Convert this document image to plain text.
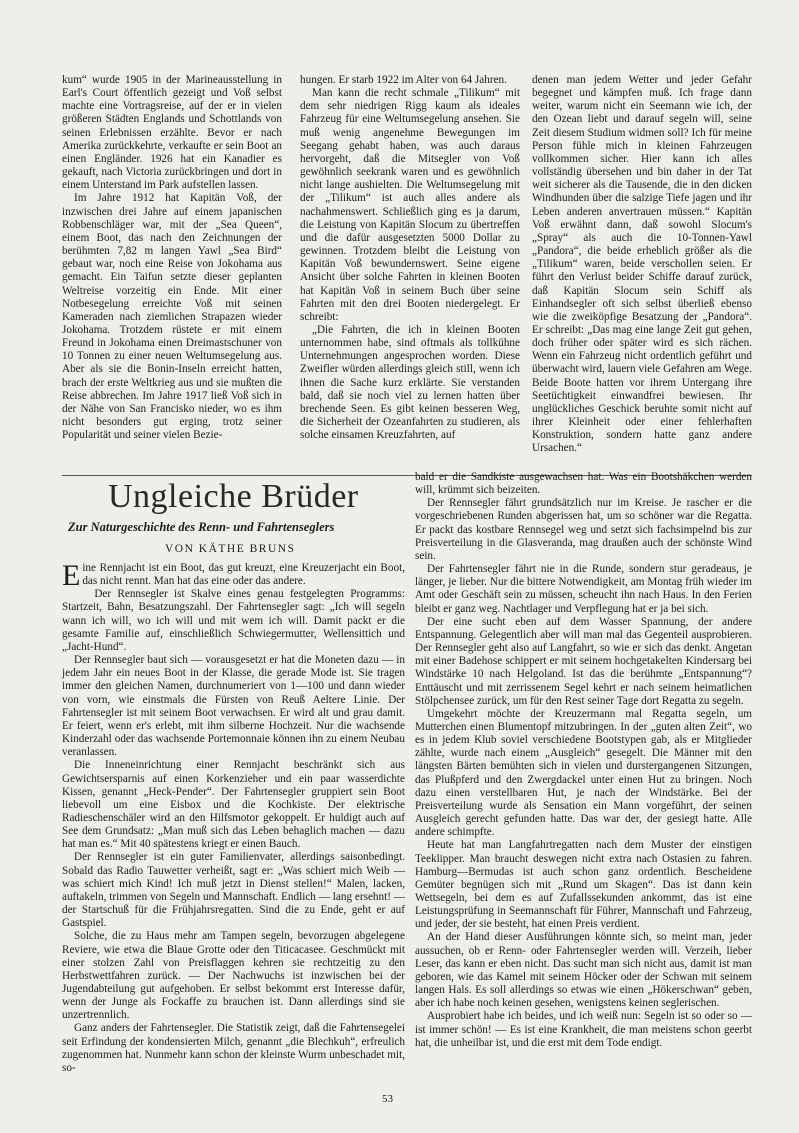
kum“ wurde 1905 in der Marineausstellung in Earl's Court öffentlich gezeigt und Voß selbst machte eine Vortragsreise, auf der er in vielen größeren Städten Englands und Schottlands von seinen Erlebnissen erzählte. Bevor er nach Amerika zurückkehrte, verkaufte er sein Boot an einen Engländer. 1926 hat ein Kanadier es gekauft, nach Victoria zurückbringen und dort in einem Unterstand im Park aufstellen lassen.

Im Jahre 1912 hat Kapitän Voß, der inzwischen drei Jahre auf einem japanischen Robbenschläger war, mit der „Sea Queen“, einem Boot, das nach den Zeichnungen der berühmten 7,82 m langen Yawl „Sea Bird“ gebaut war, noch eine Reise von Jokohama aus gemacht. Ein Taifun setzte dieser geplanten Weltreise vorzeitig ein Ende. Mit einer Notbesegelung erreichte Voß mit seinen Kameraden nach ziemlichen Strapazen wieder Jokohama. Trotzdem rüstete er mit einem Freund in Jokohama einen Dreimastschuner von 10 Tonnen zu einer neuen Weltumsegelung aus. Aber als sie die Bonin-Inseln erreicht hatten, brach der erste Weltkrieg aus und sie mußten die Reise abbrechen. Im Jahre 1917 ließ Voß sich in der Nähe von San Francisko nieder, wo es ihm nicht besonders gut erging, trotz seiner Popularität und seiner vielen Bezie-

hungen. Er starb 1922 im Alter von 64 Jahren.

Man kann die recht schmale „Tilikum“ mit dem sehr niedrigen Rigg kaum als ideales Fahrzeug für eine Weltumsegelung ansehen. Sie muß wenig angenehme Bewegungen im Seegang gehabt haben, was auch daraus hervorgeht, daß die Mitsegler von Voß gewöhnlich seekrank waren und es gewöhnlich nicht lange aushielten. Die Weltumsegelung mit der „Tilikum“ ist auch alles andere als nachahmenswert. Schließlich ging es ja darum, die Leistung von Kapitän Slocum zu übertreffen und die dafür ausgesetzten 5000 Dollar zu gewinnen. Trotzdem bleibt die Leistung von Kapitän Voß bewundernswert. Seine eigene Ansicht über solche Fahrten in kleinen Booten hat Kapitän Voß in seinem Buch über seine Fahrten mit den drei Booten niedergelegt. Er schreibt:

„Die Fahrten, die ich in kleinen Booten unternommen habe, sind oftmals als tollkühne Unternehmungen angesprochen worden. Diese Zweifler würden allerdings gleich still, wenn ich ihnen die Sache kurz erklärte. Sie verstanden bald, daß sie noch viel zu lernen hatten über brechende Seen. Es gibt keinen besseren Weg, die Sicherheit der Ozeanfahrten zu studieren, als solche einsamen Kreuzfahrten, auf

denen man jedem Wetter und jeder Gefahr begegnet und kämpfen muß. Ich frage dann weiter, warum nicht ein Seemann wie ich, der den Ozean liebt und darauf segeln will, seine Zeit diesem Studium widmen soll? Ich für meine Person fühle mich in kleinen Fahrzeugen vollkommen sicher. Hier kann ich alles vollständig übersehen und bin daher in der Tat weit sicherer als die Tausende, die in den dicken Windhunden über die salzige Tiefe jagen und ihr Leben anderen anvertrauen müssen.“ Kapitän Voß erwähnt dann, daß sowohl Slocum's „Spray“ als auch die 10-Tonnen-Yawl „Pandora“, die beide erheblich größer als die „Tilikum“ waren, beide verschollen seien. Er führt den Verlust beider Schiffe darauf zurück, daß Kapitän Slocum sein Schiff als Einhandsegler oft sich selbst überließ ebenso wie die zweiköpfige Besatzung der „Pandora“. Er schreibt: „Das mag eine lange Zeit gut gehen, doch früher oder später wird es sich rächen. Wenn ein Fahrzeug nicht ordentlich geführt und überwacht wird, lauern viele Gefahren am Wege. Beide Boote hatten vor ihrem Untergang ihre Seetüchtigkeit einwandfrei bewiesen. Ihr unglückliches Geschick beruhte somit nicht auf ihrer Kleinheit oder einer fehlerhaften Konstruktion, sondern hatte ganz andere Ursachen.“

Ungleiche Brüder
Zur Naturgeschichte des Renn- und Fahrtenseglers
VON KÄTHE BRUNS

Eine Rennjacht ist ein Boot, das gut kreuzt, eine Kreuzerjacht ein Boot, das nicht rennt. Man hat das eine oder das andere.

Der Rennsegler ist Skalve eines genau festgelegten Programms: Startzeit, Bahn, Besatzungszahl. Der Fahrtensegler sagt: „Ich will segeln wann ich will, wo ich will und mit wem ich will. Damit packt er die gesamte Familie auf, einschließlich Schwiegermutter, Wellensittich und „Jacht-Hund“.

Der Rennsegler baut sich — vorausgesetzt er hat die Moneten dazu — in jedem Jahr ein neues Boot in der Klasse, die gerade Mode ist. Sie tragen immer den gleichen Namen, durchnumeriert von 1—100 und dann wieder von vorn, wie einstmals die Fürsten von Reuß Aeltere Linie. Der Fahrtensegler ist mit seinem Boot verwachsen. Er wird alt und grau damit. Er feiert, wenn er's erlebt, mit ihm silberne Hochzeit. Nur die wachsende Kinderzahl oder das wachsende Portemonnaie können ihn zu einem Neubau veranlassen.

Die Inneneinrichtung einer Rennjacht beschränkt sich aus Gewichtsersparnis auf einen Korkenzieher und ein paar wasserdichte Kissen, genannt „Heck-Pender“. Der Fahrtensegler gruppiert sein Boot liebevoll um eine Eisbox und die Kochkiste. Der elektrische Radieschenschäler wird an den Hilfsmotor gekoppelt. Er huldigt auch auf See dem Grundsatz: „Man muß sich das Leben behaglich machen — dazu hat man es.“ Mit 40 spätestens kriegt er einen Bauch.

Der Rennsegler ist ein guter Familienvater, allerdings saisonbedingt. Sobald das Radio Tauwetter verheißt, sagt er: „Was schiert mich Weib — was schiert mich Kind! Ich muß jetzt in Dienst stellen!“ Malen, lacken, auftakeln, trimmen von Segeln und Mannschaft. Endlich — lang ersehnt! — der Startschuß für die Frühjahrsregatten. Sind die zu Ende, geht er auf Gastspiel.

Solche, die zu Haus mehr am Tampen segeln, bevorzugen abgelegene Reviere, wie etwa die Blaue Grotte oder den Titicacasee. Geschmückt mit einer stolzen Zahl von Preisflaggen kehren sie rechtzeitig zu den Herbstwettfahren zurück. — Der Nachwuchs ist inzwischen bei der Jugendabteilung gut aufgehoben. Er selbst bekommt erst Interesse dafür, wenn der Junge als Fockaffe zu brauchen ist. Dann allerdings sind sie unzertrennlich.

Ganz anders der Fahrtensegler. Die Statistik zeigt, daß die Fahrtensegelei seit Erfindung der kondensierten Milch, genannt „die Blechkuh“, erfreulich zugenommen hat. Nunmehr kann schon der kleinste Wurm unbeschadet mit, so-

bald er die Sandkiste ausgewachsen hat. Was ein Bootshäkchen werden will, krümmt sich beizeiten.

Der Rennsegler fährt grundsätzlich nur im Kreise. Je rascher er die vorgeschriebenen Runden abgerissen hat, um so schöner war die Regatta. Er packt das kostbare Rennsegel weg und setzt sich fachsimpelnd bis zur Preisverteilung in die Glasveranda, mag draußen auch der schönste Wind sein.

Der Fahrtensegler fährt nie in die Runde, sondern stur geradeaus, je länger, je lieber. Nur die bittere Notwendigkeit, am Montag früh wieder im Amt oder Geschäft sein zu müssen, scheucht ihn nach Haus. In den Ferien bleibt er ganz weg. Nachtlager und Verpflegung hat er ja bei sich.

Der eine sucht eben auf dem Wasser Spannung, der andere Entspannung. Gelegentlich aber will man mal das Gegenteil ausprobieren. Der Rennsegler geht also auf Langfahrt, so wie er sich das denkt. Angetan mit einer Badehose schippert er mit seinem hochgetakelten Kindersarg bei Windstärke 10 nach Helgoland. Ist das die berühmte „Entspannung“? Enttäuscht und mit zerrissenem Segel kehrt er nach seinem heimatlichen Stölpchensee zurück, um für den Rest seiner Tage dort Regatta zu segeln.

Umgekehrt möchte der Kreuzermann mal Regatta segeln, um Mutterchen einen Blumentopf mitzubringen. In der „guten alten Zeit“, wo es in jedem Klub soviel verschiedene Bootstypen gab, als er Mitglieder zählte, wurde nach einem „Ausgleich“ gesegelt. Die Männer mit den längsten Bärten bemühten sich in vielen und durstergangenen Sitzungen, das Plußpferd und den Zwergdackel unter einen Hut zu bringen. Noch dazu einen verstellbaren Hut, je nach der Windstärke. Bei der Preisverteilung wurde als Sensation ein Mann vorgeführt, der seinen Ausgleich gerecht gefunden hatte. Das war der, der gesiegt hatte. Alle andere schimpfte.

Heute hat man Langfahrtregatten nach dem Muster der einstigen Teeklipper. Man braucht deswegen nicht extra nach Ostasien zu fahren. Hamburg—Bermudas ist auch schon ganz ordentlich. Bescheidene Gemüter begnügen sich mit „Rund um Skagen“. Das ist dann kein Wettsegeln, bei dem es auf Zufallssekunden ankommt, das ist eine Leistungsprüfung in Seemannschaft für Führer, Mannschaft und Fahrzeug, und jeder, der sie besteht, hat einen Preis verdient.

An der Hand dieser Ausführungen könnte sich, so meint man, jeder aussuchen, ob er Renn- oder Fahrtensegler werden will. Verzeih, lieber Leser, das kann er eben nicht. Das sucht man sich nicht aus, damit ist man geboren, wie das Kamel mit seinem Höcker oder der Schwan mit seinem langen Hals. Es soll allerdings so etwas wie einen „Hökerschwan“ geben, aber ich habe noch keinen gesehen, wenigstens keinen seglerischen.

Ausprobiert habe ich beides, und ich weiß nun: Segeln ist so oder so — ist immer schön! — Es ist eine Krankheit, die man meistens schon geerbt hat, die unheilbar ist, und die erst mit dem Tode endigt.

53
